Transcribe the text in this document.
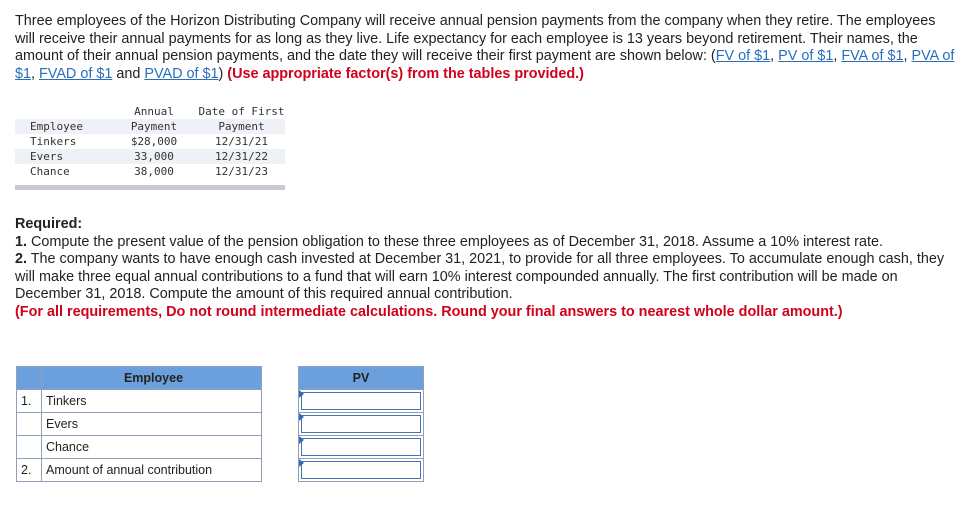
Three employees of the Horizon Distributing Company will receive annual pension payments from the company when they retire. The employees will receive their annual payments for as long as they live. Life expectancy for each employee is 13 years beyond retirement. Their names, the amount of their annual pension payments, and the date they will receive their first payment are shown below: (FV of $1, PV of $1, FVA of $1, PVA of $1, FVAD of $1 and PVAD of $1) (Use appropriate factor(s) from the tables provided.)
	Annual	Date of First
Employee	Payment	Payment
Tinkers	$28,000	12/31/21
Evers	33,000	12/31/22
Chance	38,000	12/31/23

Required:

1. Compute the present value of the pension obligation to these three employees as of December 31, 2018. Assume a 10% interest rate.

2. The company wants to have enough cash invested at December 31, 2021, to provide for all three employees. To accumulate enough cash, they will make three equal annual contributions to a fund that will earn 10% interest compounded annually. The first contribution will be made on December 31, 2018. Compute the amount of this required annual contribution.

(For all requirements, Do not round intermediate calculations. Round your final answers to nearest whole dollar amount.)

	Employee		PV
1.	Tinkers		

	Evers		

	Chance		

2.	Amount of annual contribution		
